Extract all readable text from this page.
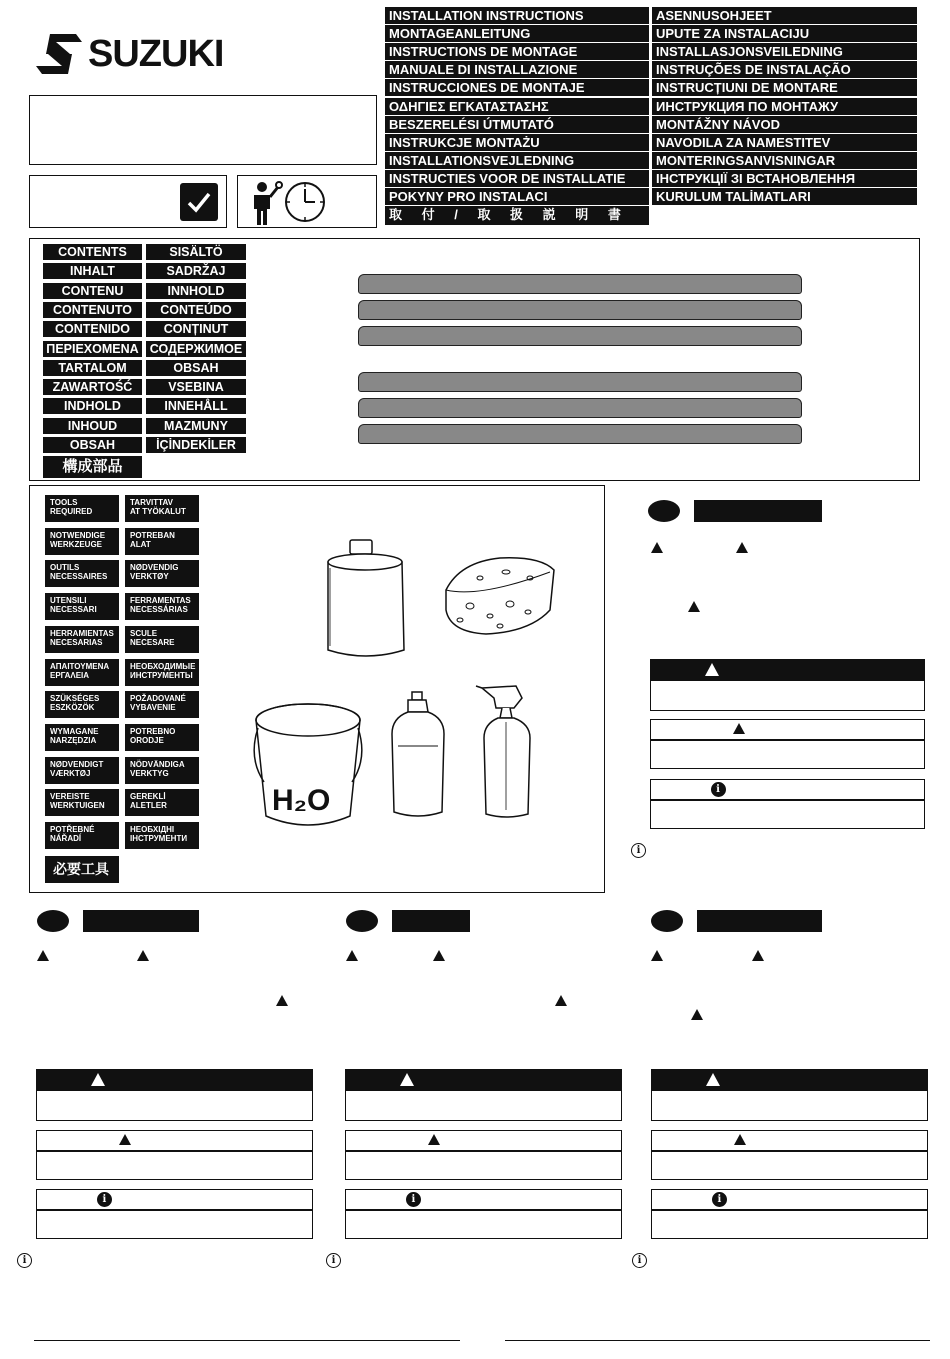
SUZUKI
INSTALLATION INSTRUCTIONS
MONTAGEANLEITUNG
INSTRUCTIONS DE MONTAGE
MANUALE DI INSTALLAZIONE
INSTRUCCIONES DE MONTAJE
ΟΔΗΓΙΕΣ ΕΓΚΑΤΑΣΤΑΣΗΣ
BESZERELÉSI ÚTMUTATÓ
INSTRUKCJE MONTAŻU
INSTALLATIONSVEJLEDNING
INSTRUCTIES VOOR DE INSTALLATIE
POKYNY PRO INSTALACI
取 付 / 取 扱 説 明 書
ASENNUSOHJEET
UPUTE ZA INSTALACIJU
INSTALLASJONSVEILEDNING
INSTRUÇÕES DE INSTALAÇÃO
INSTRUCȚIUNI DE MONTARE
ИНСТРУКЦИЯ ПО МОНТАЖУ
MONTÁŽNY NÁVOD
NAVODILA ZA NAMESTITEV
MONTERINGSANVISNINGAR
ІНСТРУКЦІЇ ЗІ ВСТАНОВЛЕННЯ
KURULUM TALİMATLARI
CONTENTS
INHALT
CONTENU
CONTENUTO
CONTENIDO
ΠΕΡΙΕΧΟΜΕΝΑ
TARTALOM
ZAWARTOŚĆ
INDHOLD
INHOUD
OBSAH
構成部品
SISÄLTÖ
SADRŽAJ
INNHOLD
CONTEÚDO
CONȚINUT
СОДЕРЖИМОЕ
OBSAH
VSEBINA
INNEHÅLL
MAZMUNY
İÇİNDEKİLER
TOOLS
REQUIRED
NOTWENDIGE
WERKZEUGE
OUTILS
NECESSAIRES
UTENSILI
NECESSARI
HERRAMIENTAS
NECESARIAS
ΑΠΑΙΤΟΥΜΕΝΑ
ΕΡΓΑΛΕΙΑ
SZÜKSÉGES
ESZKÖZÖK
WYMAGANE
NARZĘDZIA
NØDVENDIGT
VÆRKTØJ
VEREISTE
WERKTUIGEN
POTŘEBNÉ
NÁŘADÍ
TARVITTAV
AT TYÖKALUT
POTREBAN
ALAT
NØDVENDIG
VERKTØY
FERRAMENTAS
NECESSÁRIAS
SCULE
NECESARE
НЕОБХОДИМЫЕ
ИНСТРУМЕНТЫ
POŽADOVANÉ
VYBAVENIE
POTREBNO
ORODJE
NÖDVÄNDIGA
VERKTYG
GEREKLİ
ALETLER
НЕОБХІДНІ
ІНСТРУМЕНТИ
必要工具
H₂O	i
i
i
i
i
i
i
i
